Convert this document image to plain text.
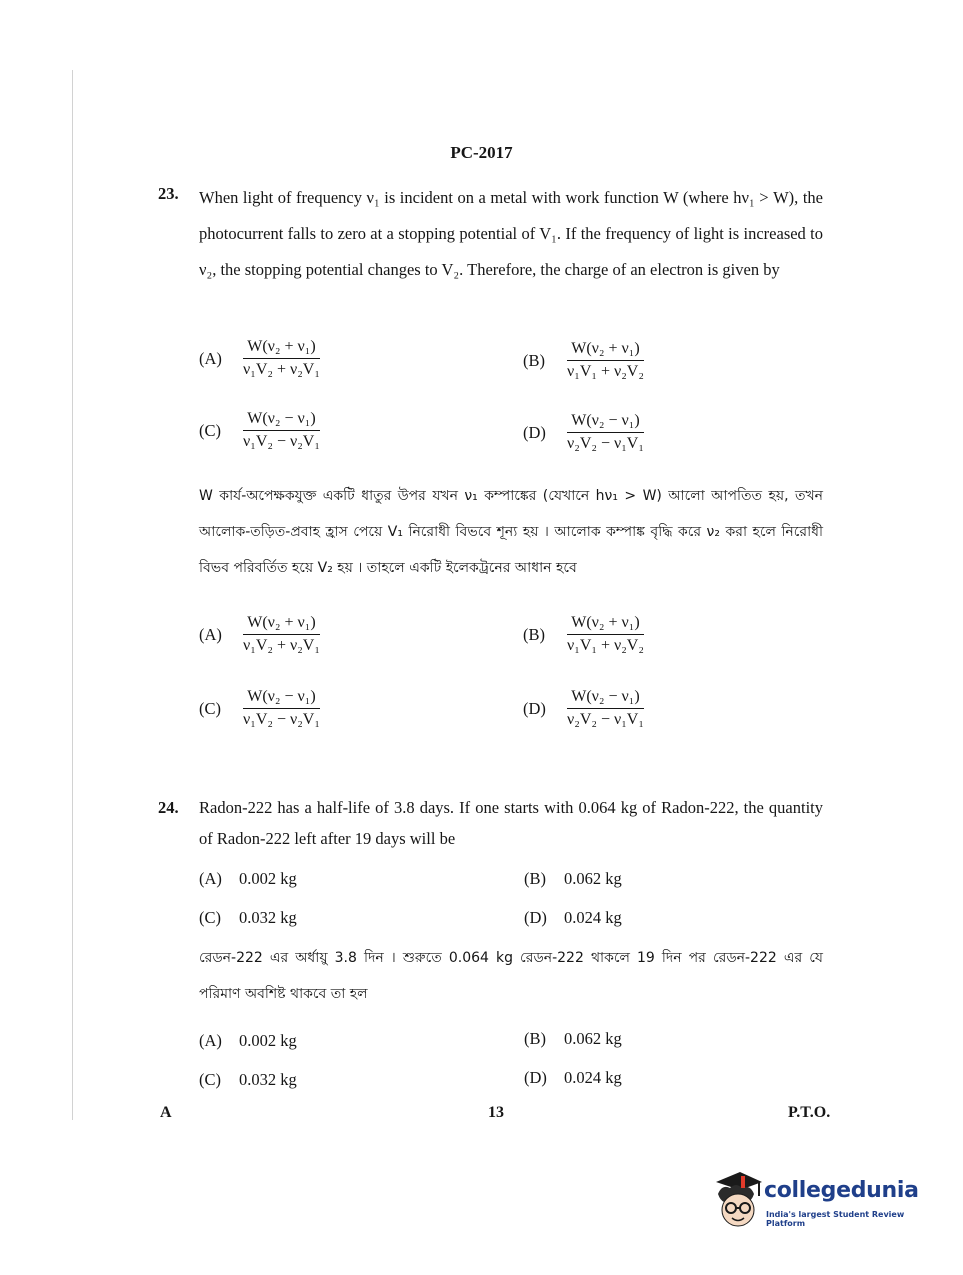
PC-2017
23. When light of frequency ν₁ is incident on a metal with work function W (where hν₁ > W), the photocurrent falls to zero at a stopping potential of V₁. If the frequency of light is increased to ν₂, the stopping potential changes to V₂. Therefore, the charge of an electron is given by
(A)	$\frac{\text{W(ν₂ + ν₁)}}{\text{ν₁V₂ + ν₂V₁}}$	(B)	$\frac{\text{W(ν₂ + ν₁)}}{\text{ν₁V₁ + ν₂V₂}}$
(C)	$\frac{\text{W(ν₂ − ν₁)}}{\text{ν₁V₂ − ν₂V₁}}$	(D)	$\frac{\text{W(ν₂ − ν₁)}}{\text{ν₂V₂ − ν₁V₁}}$
W কার্য-অপেক্ষকযুক্ত একটি ধাতুর উপর যখন ν₁ কম্পাঙ্কের (যেখানে hν₁ > W) আলো আপতিত হয়, তখন আলোক-তড়িত-প্রবাহ হ্রাস পেয়ে V₁ নিরোধী বিভবে শূন্য হয় । আলোক কম্পাঙ্ক বৃদ্ধি করে ν₂ করা হলে নিরোধী বিভব পরিবর্তিত হয়ে V₂ হয় । তাহলে একটি ইলেকট্রনের আধান হবে
(A)	$\frac{\text{W(ν₂ + ν₁)}}{\text{ν₁V₂ + ν₂V₁}}$	(B)	$\frac{\text{W(ν₂ + ν₁)}}{\text{ν₁V₁ + ν₂V₂}}$
(C)	$\frac{\text{W(ν₂ − ν₁)}}{\text{ν₁V₂ − ν₂V₁}}$	(D)	$\frac{\text{W(ν₂ − ν₁)}}{\text{ν₂V₂ − ν₁V₁}}$
24. Radon-222 has a half-life of 3.8 days. If one starts with 0.064 kg of Radon-222, the quantity of Radon-222 left after 19 days will be
(A) 0.002 kg	(B) 0.062 kg
(C) 0.032 kg	(D) 0.024 kg
রেডন-222 এর অর্ধায়ু 3.8 দিন । শুরুতে 0.064 kg রেডন-222 থাকলে 19 দিন পর রেডন-222 এর যে পরিমাণ অবশিষ্ট থাকবে তা হল
(A) 0.002 kg	(B) 0.062 kg
(C) 0.032 kg	(D) 0.024 kg
A	13	P.T.O.
collegedunia
India's largest Student Review Platform
